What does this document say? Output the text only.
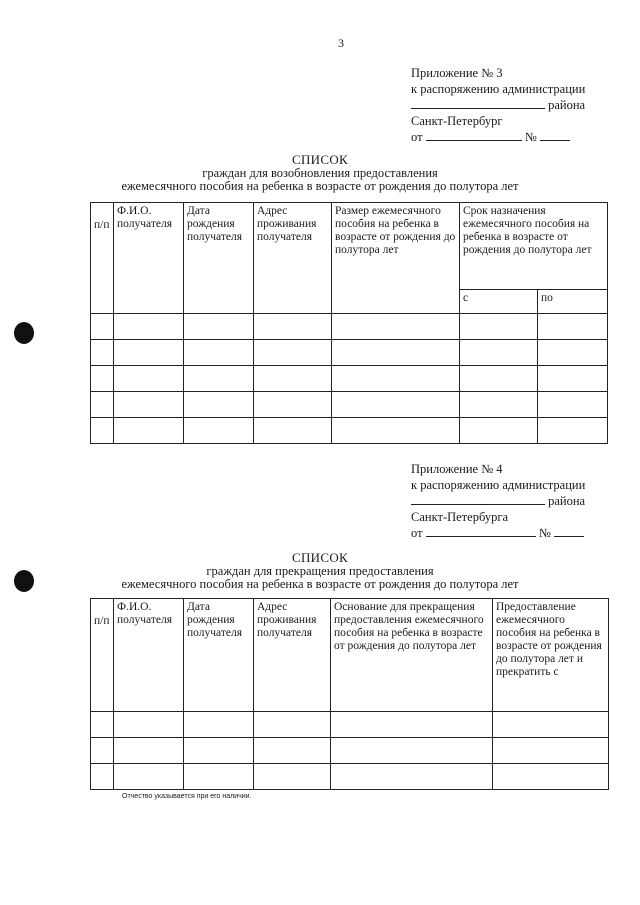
3
Приложение № 3
к распоряжению администрации
района
Санкт-Петербург
от	№
СПИСОК
граждан для возобновления предоставления
ежемесячного пособия на ребенка в возрасте от рождения до полутора лет
п/п	Ф.И.О. получателя	Дата рождения получателя	Адрес проживания получателя	Размер ежемесячного пособия на ребенка в возрасте от рождения до полутора лет	Срок назначения ежемесячного пособия на ребенка в возрасте от рождения до полутора лет	
					с	по

Приложение № 4
к распоряжению администрации
района
Санкт-Петербурга
от	№
СПИСОК
граждан для прекращения предоставления
ежемесячного пособия на ребенка в возрасте от рождения до полутора лет
п/п	Ф.И.О. получателя	Дата рождения получателя	Адрес проживания получателя	Основание для прекращения предоставления ежемесячного пособия на ребенка в возрасте от рождения до полутора лет	Предоставление ежемесячного пособия на ребенка в возрасте от рождения до полутора лет и прекратить с

Отчество указывается при его наличии.
